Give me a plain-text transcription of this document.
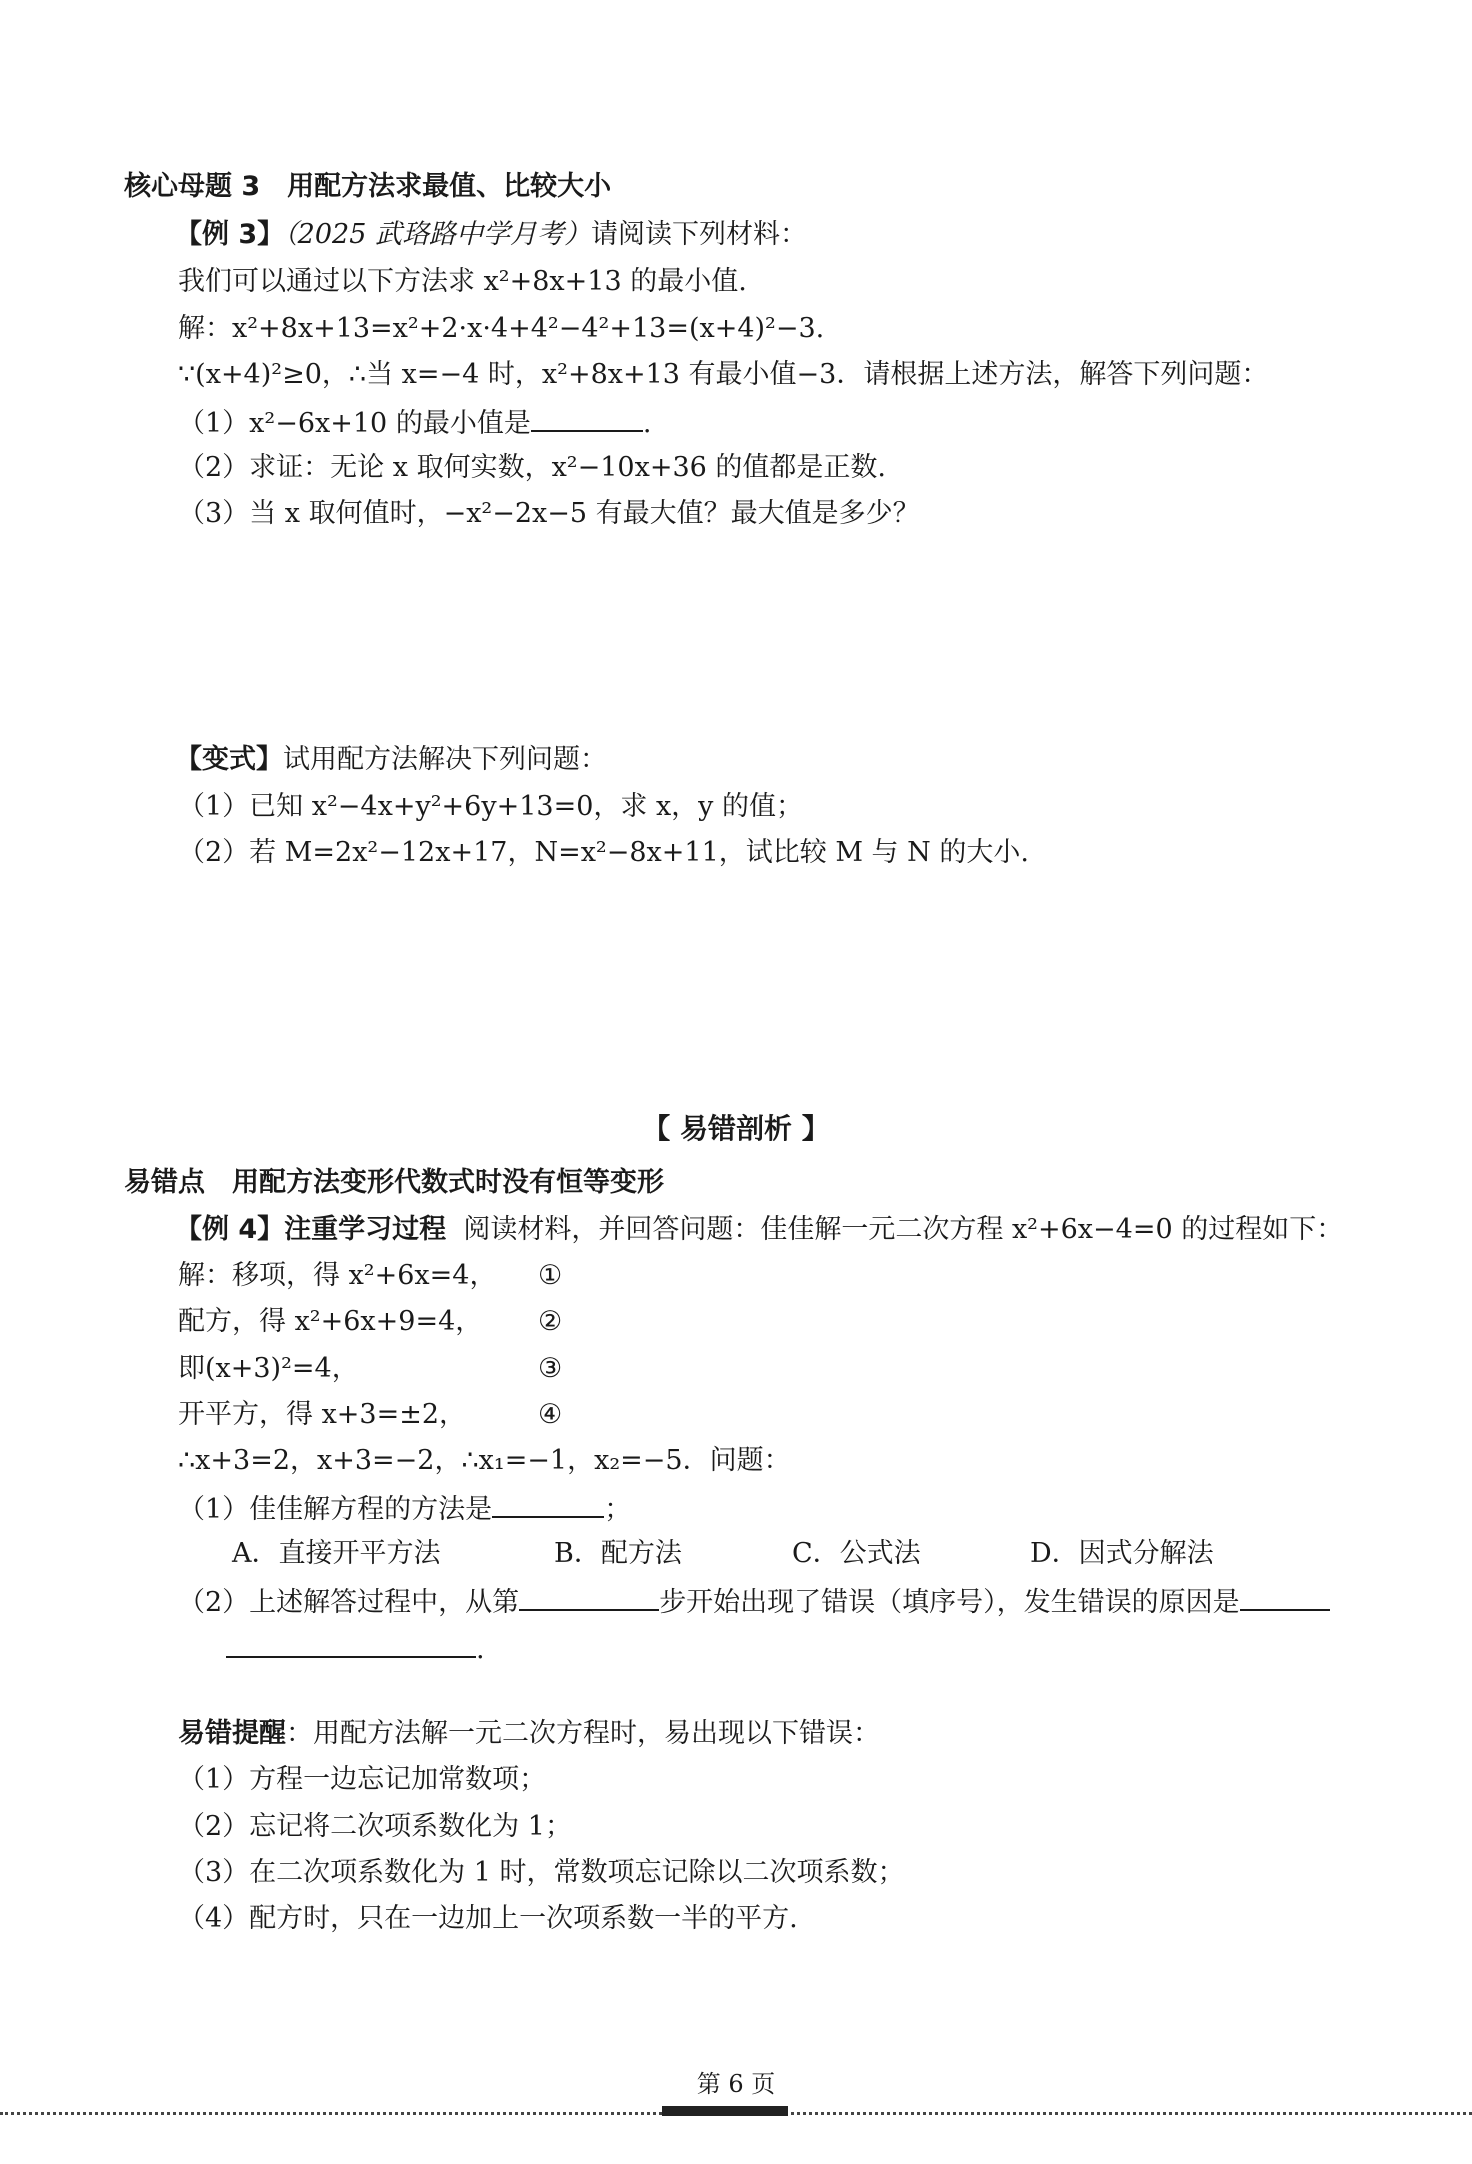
核心母题 3　用配方法求最值、比较大小
【例 3】（2025 武珞路中学月考）请阅读下列材料：
我们可以通过以下方法求 x²+8x+13 的最小值.
解：x²+8x+13=x²+2·x·4+4²−4²+13=(x+4)²−3.
∵(x+4)²≥0，∴当 x=−4 时，x²+8x+13 有最小值−3．请根据上述方法，解答下列问题：
（1）x²−6x+10 的最小值是	.
（2）求证：无论 x 取何实数，x²−10x+36 的值都是正数.
（3）当 x 取何值时，−x²−2x−5 有最大值？最大值是多少？
【变式】试用配方法解决下列问题：
（1）已知 x²−4x+y²+6y+13=0，求 x，y 的值；
（2）若 M=2x²−12x+17，N=x²−8x+11，试比较 M 与 N 的大小.
【 易错剖析 】
易错点　用配方法变形代数式时没有恒等变形
【例 4】注重学习过程 阅读材料，并回答问题：佳佳解一元二次方程 x²+6x−4=0 的过程如下：
解：移项，得 x²+6x=4， ①
配方，得 x²+6x+9=4， ②
即(x+3)²=4，	③
开平方，得 x+3=±2，	④
∴x+3=2，x+3=−2，∴x₁=−1，x₂=−5．问题：
（1）佳佳解方程的方法是	；
A．直接开平方法	B．配方法	C．公式法	D．因式分解法
（2）上述解答过程中，从第	步开始出现了错误（填序号），发生错误的原因是
.
易错提醒：用配方法解一元二次方程时，易出现以下错误：
（1）方程一边忘记加常数项；
（2）忘记将二次项系数化为 1；
（3）在二次项系数化为 1 时，常数项忘记除以二次项系数；
（4）配方时，只在一边加上一次项系数一半的平方.
第 6 页
